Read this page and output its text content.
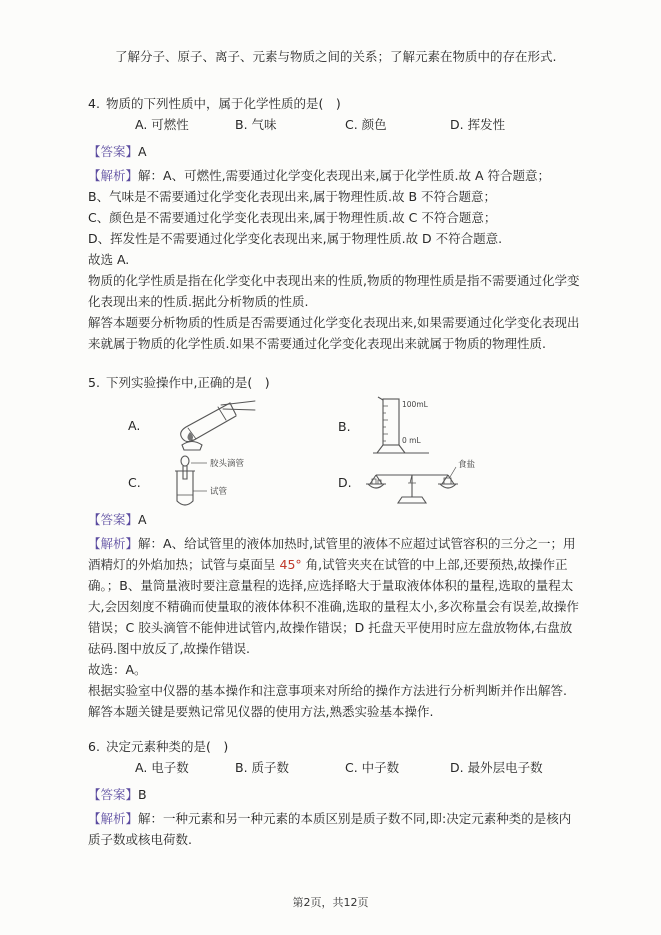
了解分子、原子、离子、元素与物质之间的关系；了解元素在物质中的存在形式.

4. 物质的下列性质中，属于化学性质的是(　)

A. 可燃性	B. 气味	C. 颜色	D. 挥发性

【答案】A

【解析】解：A、可燃性,需要通过化学变化表现出来,属于化学性质.故 A 符合题意；

B、气味是不需要通过化学变化表现出来,属于物理性质.故 B 不符合题意；

C、颜色是不需要通过化学变化表现出来,属于物理性质.故 C 不符合题意；

D、挥发性是不需要通过化学变化表现出来,属于物理性质.故 D 不符合题意.

故选 A.

物质的化学性质是指在化学变化中表现出来的性质,物质的物理性质是指不需要通过化学变化表现出来的性质.据此分析物质的性质.

解答本题要分析物质的性质是否需要通过化学变化表现出来,如果需要通过化学变化表现出来就属于物质的化学性质.如果不需要通过化学变化表现出来就属于物质的物理性质.

5. 下列实验操作中,正确的是(　)

A.	B.
100mL
0 mL
C.
胶头滴管
试管
D.
食盐

【答案】A

【解析】解：A、给试管里的液体加热时,试管里的液体不应超过试管容积的三分之一；用酒精灯的外焰加热；试管与桌面呈 45° 角,试管夹夹在试管的中上部,还要预热,故操作正确。；B、量筒量液时要注意量程的选择,应选择略大于量取液体体积的量程,选取的量程太大,会因刻度不精确而使量取的液体体积不准确,选取的量程太小,多次称量会有误差,故操作错误；C 胶头滴管不能伸进试管内,故操作错误；D 托盘天平使用时应左盘放物体,右盘放砝码.图中放反了,故操作错误.

故选：A。

根据实验室中仪器的基本操作和注意事项来对所给的操作方法进行分析判断并作出解答.

解答本题关键是要熟记常见仪器的使用方法,熟悉实验基本操作.

6. 决定元素种类的是(　)

A. 电子数	B. 质子数	C. 中子数	D. 最外层电子数

【答案】B

【解析】解：一种元素和另一种元素的本质区别是质子数不同,即:决定元素种类的是核内质子数或核电荷数.

第2页，共12页
